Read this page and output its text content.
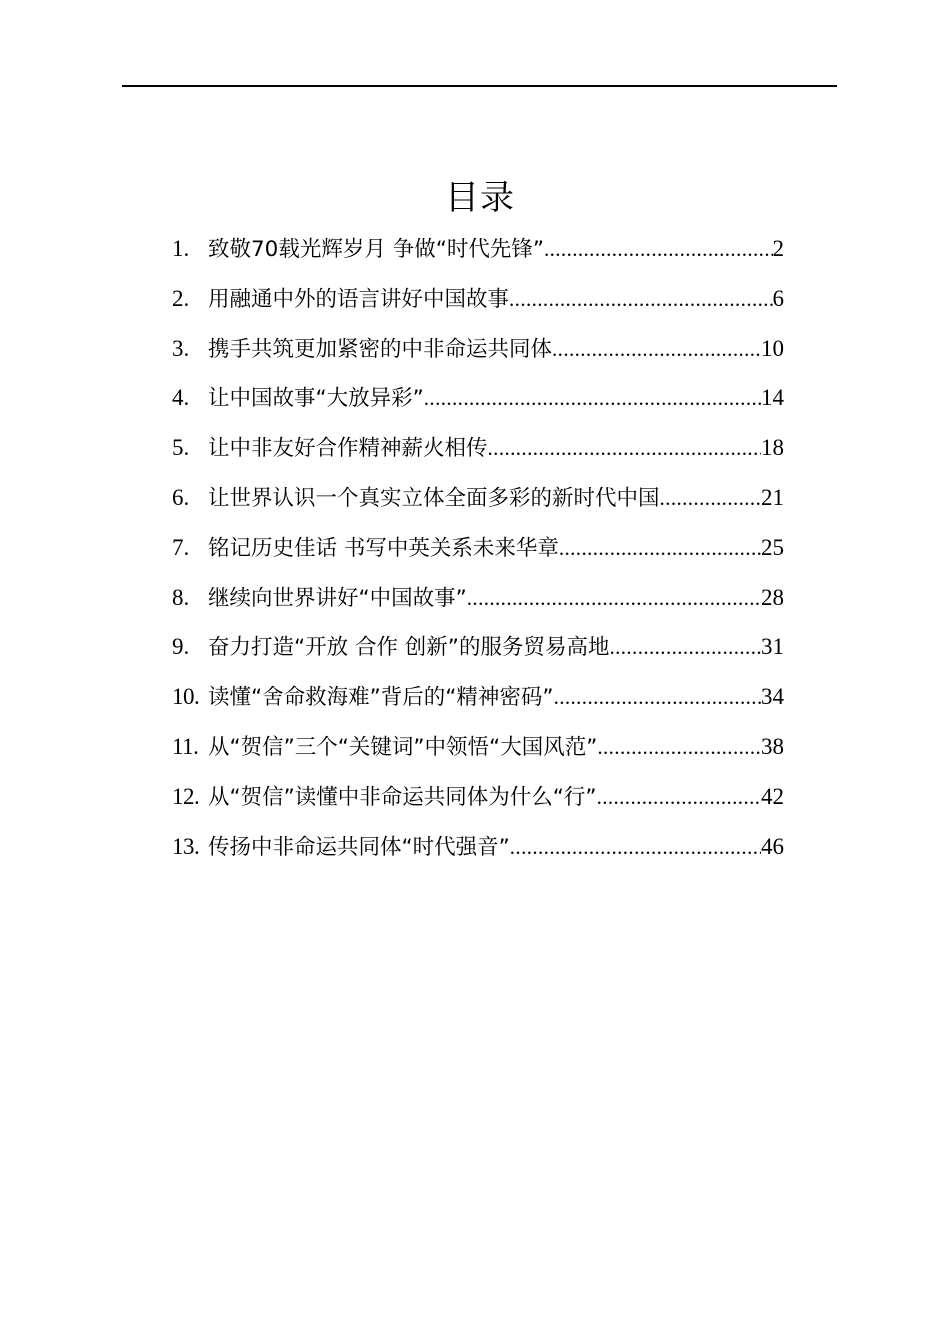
目录
1. 致敬70载光辉岁月 争做“时代先锋” .....	2
2. 用融通中外的语言讲好中国故事 .....	6
3. 携手共筑更加紧密的中非命运共同体 .....	10
4. 让中国故事“大放异彩” .....	14
5. 让中非友好合作精神薪火相传 .....	18
6. 让世界认识一个真实立体全面多彩的新时代中国 .....	21
7. 铭记历史佳话 书写中英关系未来华章 .....	25
8. 继续向世界讲好“中国故事” .....	28
9. 奋力打造“开放 合作 创新”的服务贸易高地 .....	31
10. 读懂“舍命救海难”背后的“精神密码” .....	34
11. 从“贺信”三个“关键词”中领悟“大国风范” .....	38
12. 从“贺信”读懂中非命运共同体为什么“行” .....	42
13. 传扬中非命运共同体“时代强音” .....	46
